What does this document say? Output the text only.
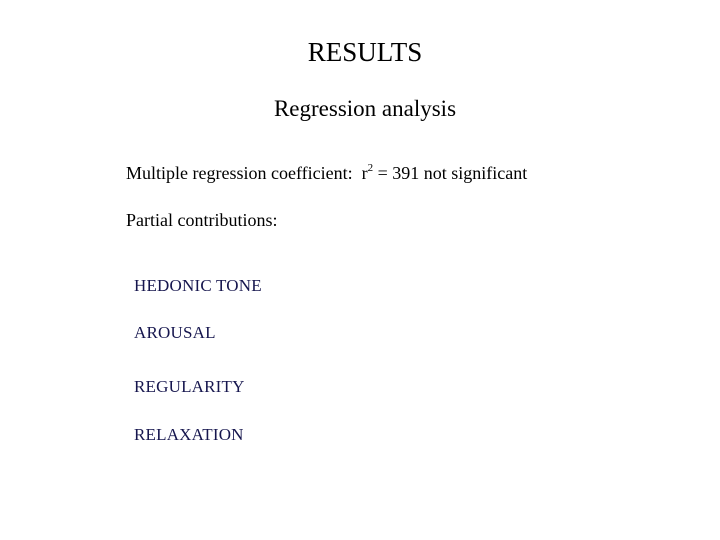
RESULTS
Regression analysis
Multiple regression coefficient: $r^2 = 391$ not significant
Partial contributions:
HEDONIC TONE
AROUSAL
REGULARITY
RELAXATION
